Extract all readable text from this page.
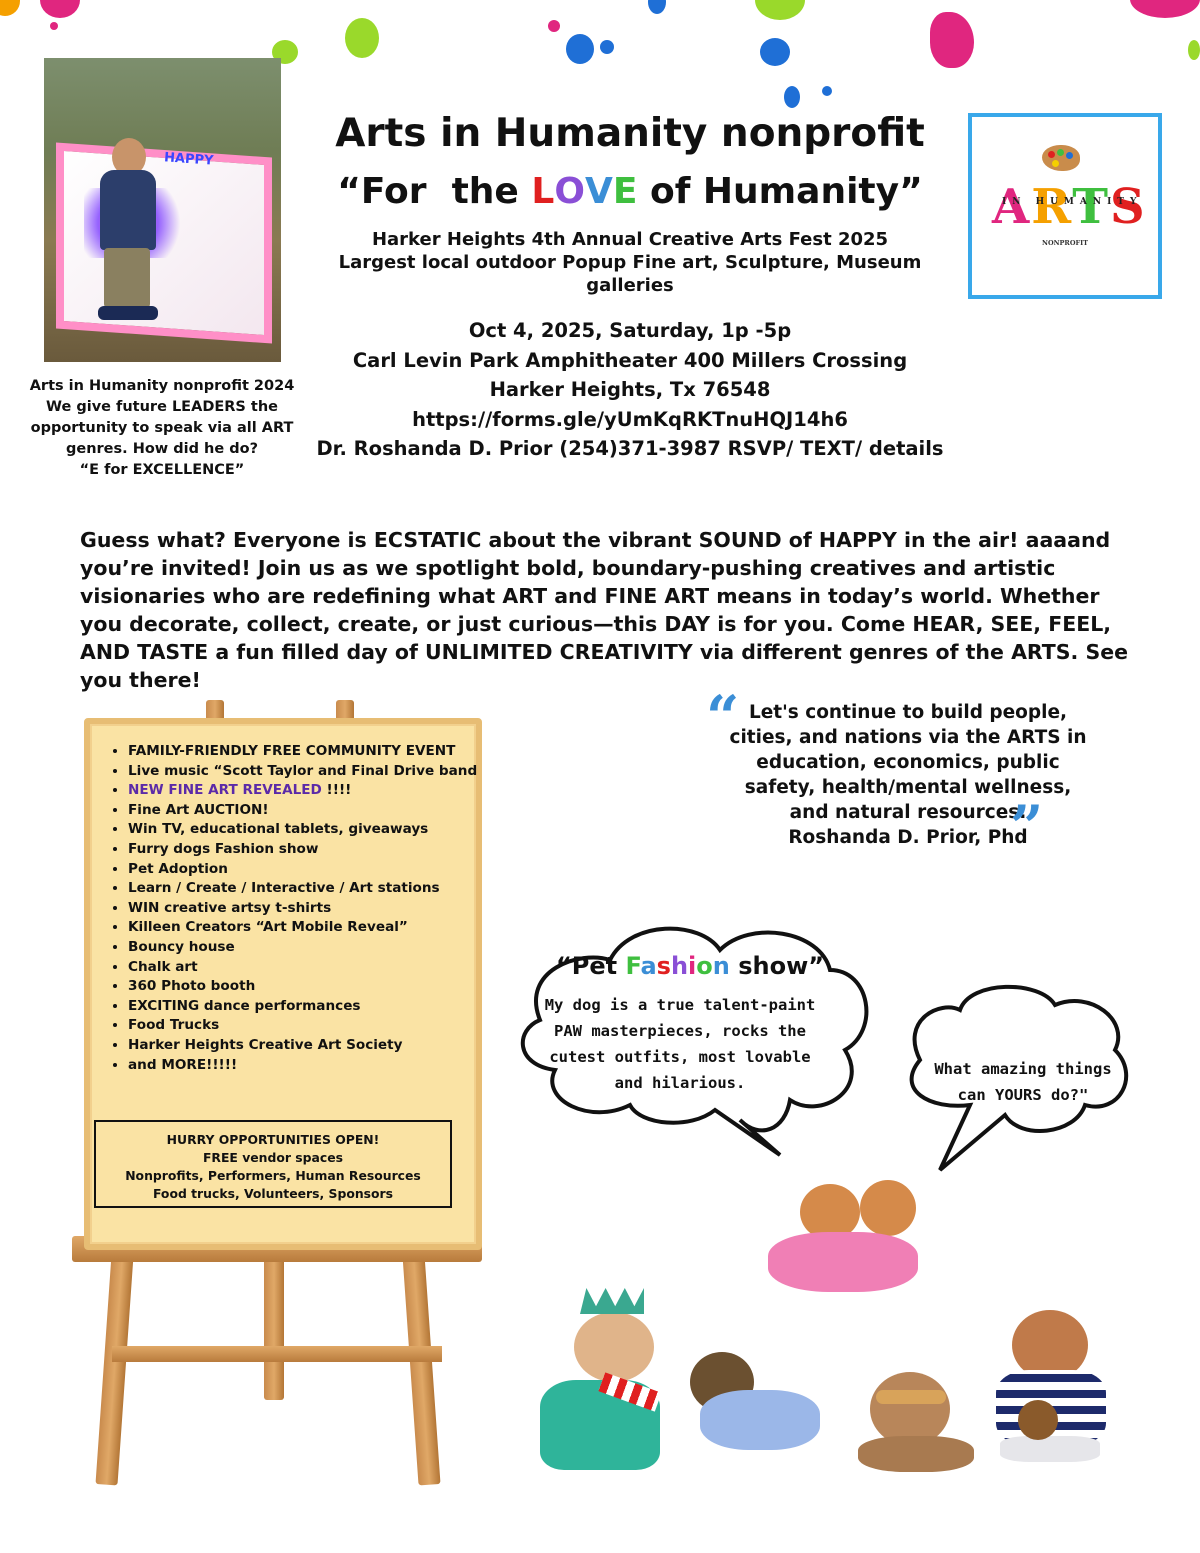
HAPPY
Arts in Humanity nonprofit 2024
We give future LEADERS the
opportunity to speak via all ART
genres. How did he do?
“E for EXCELLENCE”
Arts in Humanity nonprofit
“For  the LOVE of Humanity”
Harker Heights 4th Annual Creative Arts Fest 2025
Largest local outdoor Popup Fine art, Sculpture, Museum
galleries
Oct 4, 2025, Saturday, 1p -5p
Carl Levin Park Amphitheater 400 Millers Crossing
Harker Heights, Tx 76548
https://forms.gle/yUmKqRKTnuHQJ14h6
Dr. Roshanda D. Prior (254)371-3987 RSVP/ TEXT/ details
ARTS
IN HUMANITY
NONPROFIT
Guess what? Everyone is ECSTATIC about the vibrant SOUND of HAPPY in the air! aaaand you’re invited! Join us as we spotlight bold, boundary-pushing creatives and artistic visionaries who are redefining what ART and FINE ART means in today’s world. Whether you decorate, collect, create, or just curious—this DAY is for you. Come HEAR, SEE, FEEL, AND TASTE a fun filled day of UNLIMITED CREATIVITY via different genres of the ARTS. See you there!
• FAMILY-FRIENDLY FREE COMMUNITY EVENT
• Live music “Scott Taylor and Final Drive band
• NEW FINE ART REVEALED !!!!
• Fine Art AUCTION!
• Win TV, educational tablets, giveaways
• Furry dogs Fashion show
• Pet Adoption
• Learn / Create / Interactive / Art stations
• WIN creative artsy t-shirts
• Killeen Creators “Art Mobile Reveal”
• Bouncy house
• Chalk art
• 360 Photo booth
• EXCITING dance performances
• Food Trucks
• Harker Heights Creative Art Society
• and MORE!!!!!
HURRY OPPORTUNITIES OPEN!
FREE vendor spaces
Nonprofits, Performers, Human Resources
Food trucks, Volunteers, Sponsors
“ Let's continue to build people,
cities, and nations via the ARTS in
education, economics, public
safety, health/mental wellness,
and natural resources.
Roshanda D. Prior, Phd
”
“Pet Fashion show”
My dog is a true talent-paint
PAW masterpieces, rocks the
cutest outfits, most lovable
and hilarious.
What amazing things
can YOURS do?"
